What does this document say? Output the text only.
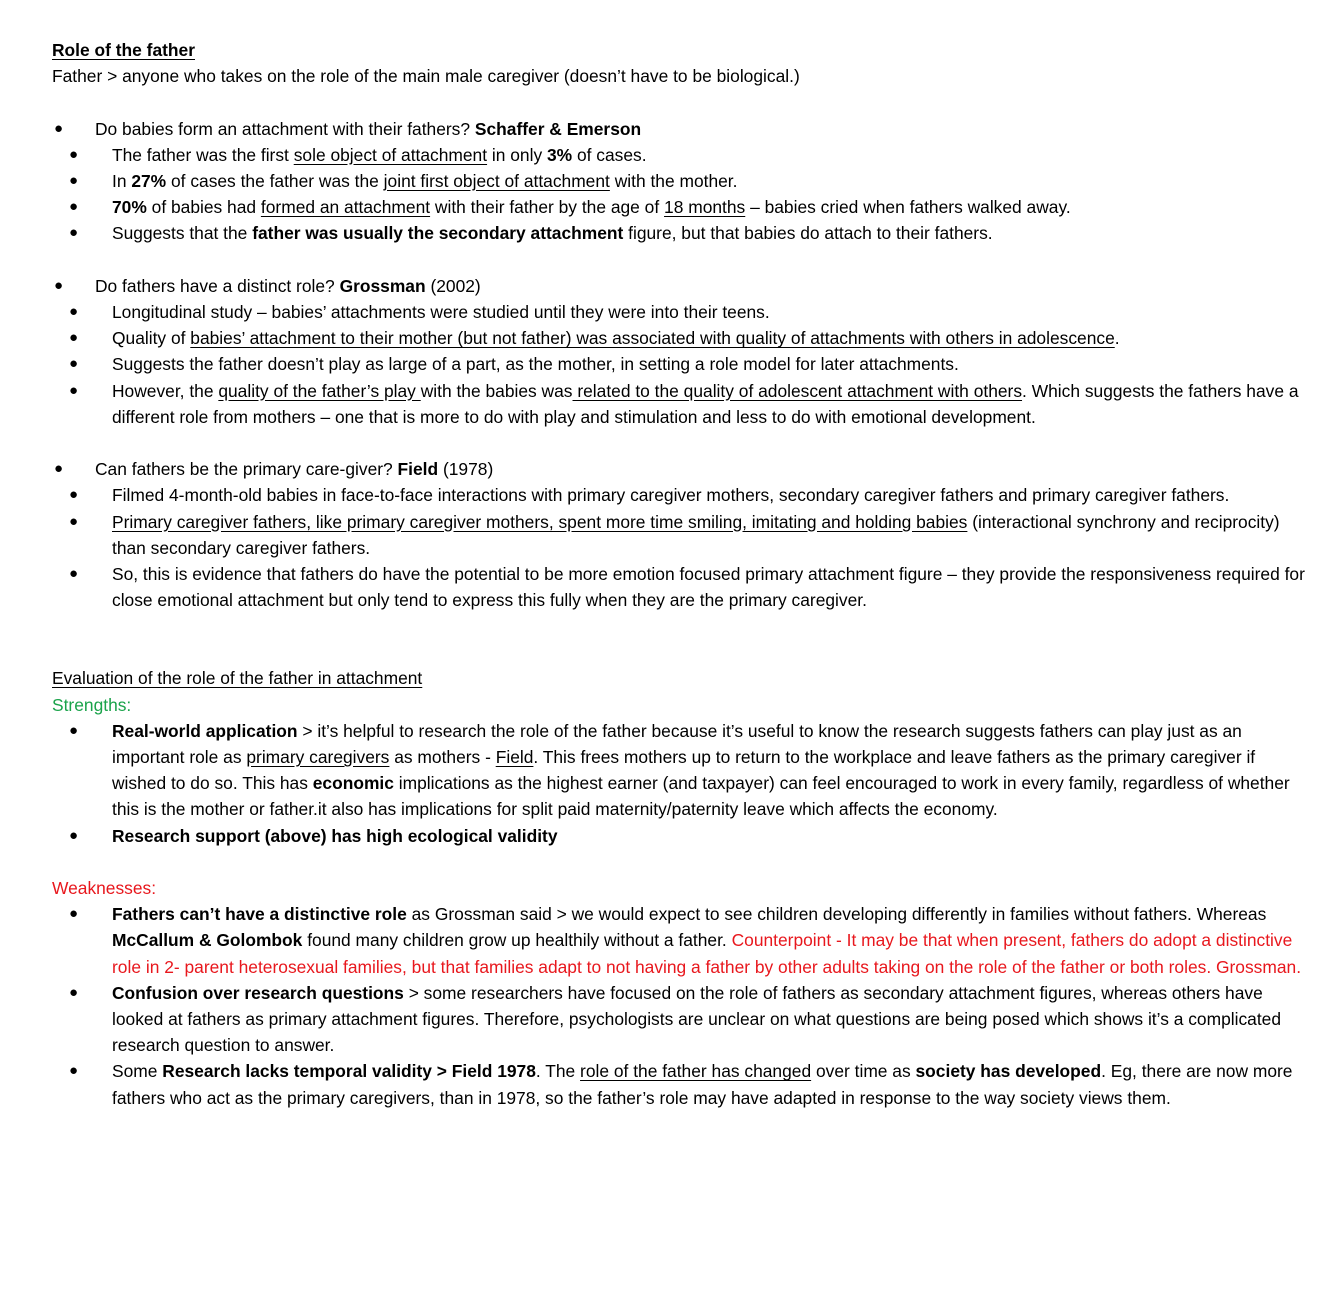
Role of the father
Father > anyone who takes on the role of the main male caregiver (doesn’t have to be biological.)
● Do babies form an attachment with their fathers? Schaffer & Emerson
● The father was the first sole object of attachment in only 3% of cases.
● In 27% of cases the father was the joint first object of attachment with the mother.
● 70% of babies had formed an attachment with their father by the age of 18 months – babies cried when fathers walked away.
● Suggests that the father was usually the secondary attachment figure, but that babies do attach to their fathers.
● Do fathers have a distinct role? Grossman (2002)
● Longitudinal study – babies’ attachments were studied until they were into their teens.
● Quality of babies’ attachment to their mother (but not father) was associated with quality of attachments with others in adolescence.
● Suggests the father doesn’t play as large of a part, as the mother, in setting a role model for later attachments.
● However, the quality of the father’s play with the babies was related to the quality of adolescent attachment with others. Which suggests the fathers have a different role from mothers – one that is more to do with play and stimulation and less to do with emotional development.
● Can fathers be the primary care-giver? Field (1978)
● Filmed 4-month-old babies in face-to-face interactions with primary caregiver mothers, secondary caregiver fathers and primary caregiver fathers.
● Primary caregiver fathers, like primary caregiver mothers, spent more time smiling, imitating and holding babies (interactional synchrony and reciprocity) than secondary caregiver fathers.
● So, this is evidence that fathers do have the potential to be more emotion focused primary attachment figure – they provide the responsiveness required for close emotional attachment but only tend to express this fully when they are the primary caregiver.
Evaluation of the role of the father in attachment
Strengths:
● Real-world application > it’s helpful to research the role of the father because it’s useful to know the research suggests fathers can play just as an important role as primary caregivers as mothers - Field. This frees mothers up to return to the workplace and leave fathers as the primary caregiver if wished to do so. This has economic implications as the highest earner (and taxpayer) can feel encouraged to work in every family, regardless of whether this is the mother or father.it also has implications for split paid maternity/paternity leave which affects the economy.
● Research support (above) has high ecological validity
Weaknesses:
● Fathers can’t have a distinctive role as Grossman said > we would expect to see children developing differently in families without fathers. Whereas McCallum & Golombok found many children grow up healthily without a father. Counterpoint - It may be that when present, fathers do adopt a distinctive role in 2- parent heterosexual families, but that families adapt to not having a father by other adults taking on the role of the father or both roles. Grossman.
● Confusion over research questions > some researchers have focused on the role of fathers as secondary attachment figures, whereas others have looked at fathers as primary attachment figures. Therefore, psychologists are unclear on what questions are being posed which shows it’s a complicated research question to answer.
● Some Research lacks temporal validity > Field 1978. The role of the father has changed over time as society has developed. Eg, there are now more fathers who act as the primary caregivers, than in 1978, so the father’s role may have adapted in response to the way society views them.
